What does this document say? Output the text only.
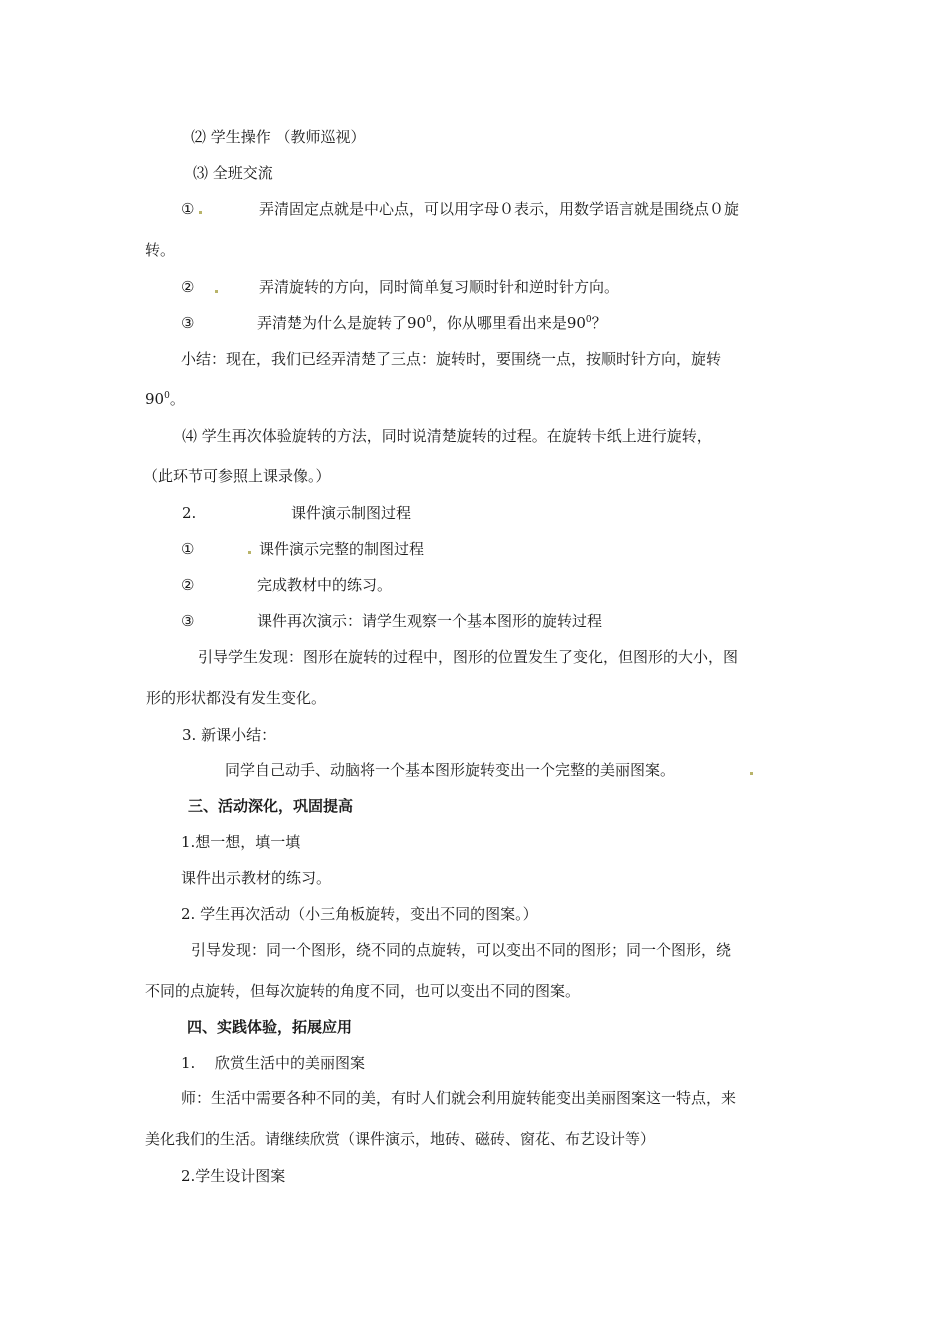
⑵ 学生操作 （教师巡视）
⑶ 全班交流
①	弄清固定点就是中心点，可以用字母０表示，用数学语言就是围绕点０旋
转。
②	弄清旋转的方向，同时简单复习顺时针和逆时针方向。
③	弄清楚为什么是旋转了$90^0$，你从哪里看出来是$90^0$？
小结：现在，我们已经弄清楚了三点：旋转时，要围绕一点，按顺时针方向，旋转
$90^0$。
⑷ 学生再次体验旋转的方法，同时说清楚旋转的过程。在旋转卡纸上进行旋转，
（此环节可参照上课录像。）
2.	课件演示制图过程
①	课件演示完整的制图过程
②	完成教材中的练习。
③	课件再次演示：请学生观察一个基本图形的旋转过程
引导学生发现：图形在旋转的过程中，图形的位置发生了变化，但图形的大小，图
形的形状都没有发生变化。
3. 新课小结：
同学自己动手、动脑将一个基本图形旋转变出一个完整的美丽图案。
三、活动深化，巩固提高
1.想一想，填一填
课件出示教材的练习。
2. 学生再次活动（小三角板旋转，变出不同的图案。）
引导发现：同一个图形，绕不同的点旋转，可以变出不同的图形；同一个图形，绕
不同的点旋转，但每次旋转的角度不同，也可以变出不同的图案。
四、实践体验，拓展应用
1. 欣赏生活中的美丽图案
师：生活中需要各种不同的美，有时人们就会利用旋转能变出美丽图案这一特点，来
美化我们的生活。请继续欣赏（课件演示，地砖、磁砖、窗花、布艺设计等）
2.学生设计图案
